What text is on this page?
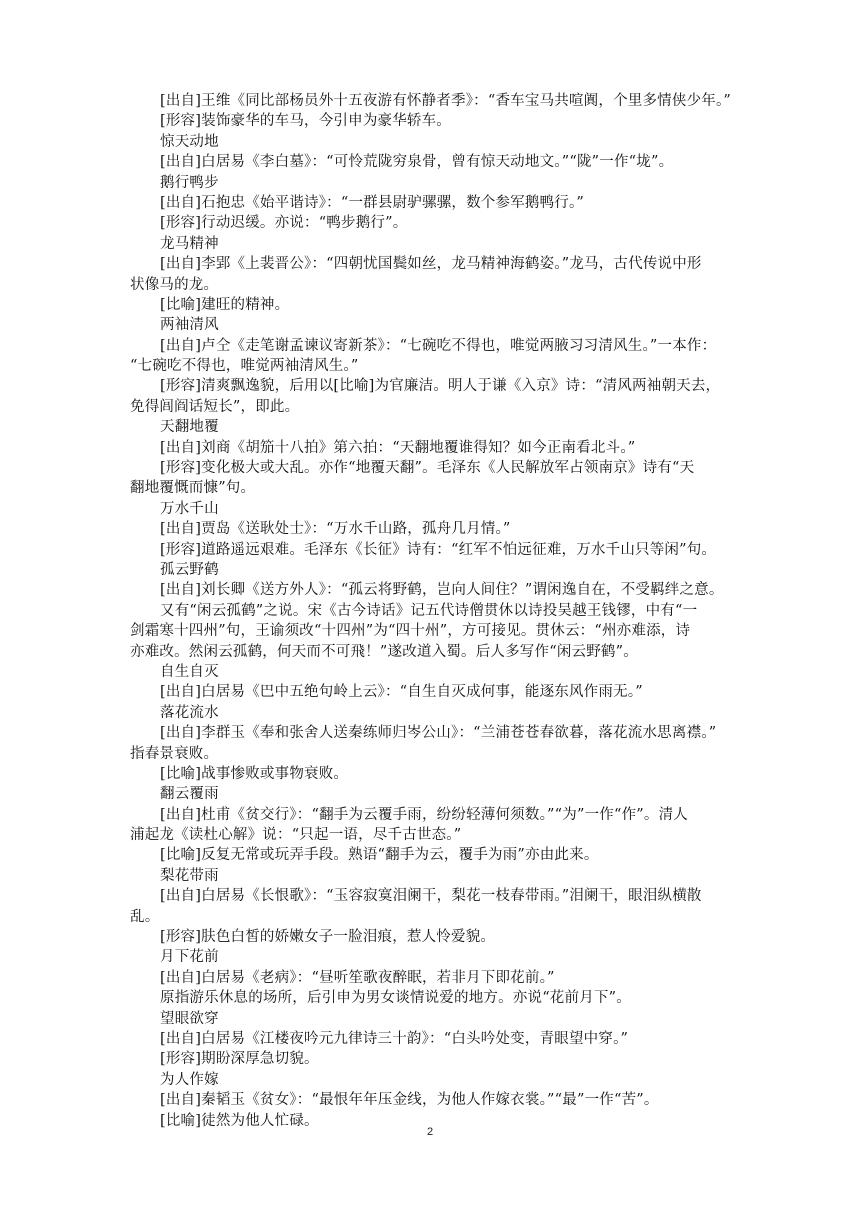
[出自]王维《同比部杨员外十五夜游有怀静者季》：“香车宝马共喧阗，个里多情侠少年。”
[形容]装饰豪华的车马，今引申为豪华轿车。
惊天动地
[出自]白居易《李白墓》：“可怜荒陇穷泉骨，曾有惊天动地文。”“陇”一作“垅”。
鹅行鸭步
[出自]石抱忠《始平谐诗》：“一群县尉驴骡骡，数个参军鹅鸭行。”
[形容]行动迟缓。亦说：“鸭步鹅行”。
龙马精神
[出自]李郢《上裴晋公》：“四朝忧国鬓如丝，龙马精神海鹤姿。”龙马，古代传说中形
状像马的龙。
[比喻]建旺的精神。
两袖清风
[出自]卢仝《走笔谢孟谏议寄新茶》：“七碗吃不得也，唯觉两腋习习清风生。”一本作：
“七碗吃不得也，唯觉两袖清风生。”
[形容]清爽飘逸貌，后用以[比喻]为官廉洁。明人于谦《入京》诗：“清风两袖朝天去，
免得闾阎话短长”，即此。
天翻地覆
[出自]刘商《胡笳十八拍》第六拍：“天翻地覆谁得知？如今正南看北斗。”
[形容]变化极大或大乱。亦作“地覆天翻”。毛泽东《人民解放军占领南京》诗有“天
翻地覆慨而慷”句。
万水千山
[出自]贾岛《送耿处士》：“万水千山路，孤舟几月情。”
[形容]道路遥远艰难。毛泽东《长征》诗有：“红军不怕远征难，万水千山只等闲”句。
孤云野鹤
[出自]刘长卿《送方外人》：“孤云将野鹤，岂向人间住？”谓闲逸自在，不受羁绊之意。
又有“闲云孤鹤”之说。宋《古今诗话》记五代诗僧贯休以诗投吴越王钱镠，中有“一
剑霜寒十四州”句，王谕须改“十四州”为“四十州”，方可接见。贯休云：“州亦难添，诗
亦难改。然闲云孤鹤，何天而不可飛！”遂改道入蜀。后人多写作“闲云野鹤”。
自生自灭
[出自]白居易《巴中五绝句岭上云》：“自生自灭成何事，能逐东风作雨无。”
落花流水
[出自]李群玉《奉和张舍人送秦练师归岑公山》：“兰浦苍苍春欲暮，落花流水思离襟。”
指春景衰败。
[比喻]战事惨败或事物衰败。
翻云覆雨
[出自]杜甫《贫交行》：“翻手为云覆手雨，纷纷轻薄何须数。”“为”一作“作”。清人
浦起龙《读杜心解》说：“只起一语，尽千古世态。”
[比喻]反复无常或玩弄手段。熟语“翻手为云，覆手为雨”亦由此来。
梨花带雨
[出自]白居易《长恨歌》：“玉容寂寞泪阑干，梨花一枝春带雨。”泪阑干，眼泪纵横散
乱。
[形容]肤色白皙的娇嫩女子一脸泪痕，惹人怜爱貌。
月下花前
[出自]白居易《老病》：“昼听笙歌夜醉眠，若非月下即花前。”
原指游乐休息的场所，后引申为男女谈情说爱的地方。亦说“花前月下”。
望眼欲穿
[出自]白居易《江楼夜吟元九律诗三十韵》：“白头吟处变，青眼望中穿。”
[形容]期盼深厚急切貌。
为人作嫁
[出自]秦韬玉《贫女》：“最恨年年压金线，为他人作嫁衣裳。”“最”一作“苦”。
[比喻]徒然为他人忙碌。
2
